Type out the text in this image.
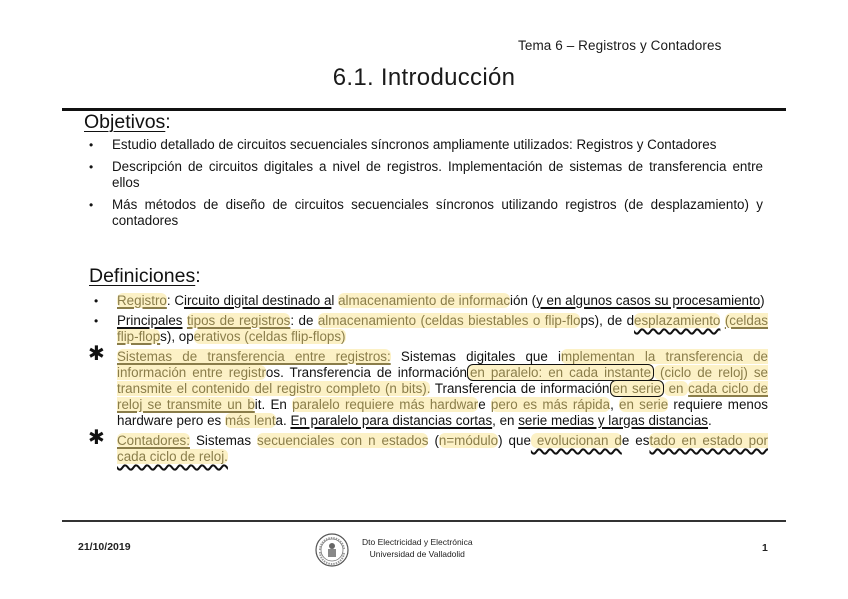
Tema 6 – Registros y Contadores
6.1. Introducción
Objetivos:
• Estudio detallado de circuitos secuenciales síncronos ampliamente utilizados: Registros y Contadores
• Descripción de circuitos digitales a nivel de registros. Implementación de sistemas de transferencia entre ellos
• Más métodos de diseño de circuitos secuenciales síncronos utilizando registros (de desplazamiento) y contadores
Definiciones:
• Registro: Circuito digital destinado al almacenamiento de información (y en algunos casos su procesamiento)
• Principales tipos de registros: de almacenamiento (celdas biestables o flip-flops), de desplazamiento (celdas flip-flops), operativos (celdas flip-flops)
✱ Sistemas de transferencia entre registros: Sistemas digitales que implementan la transferencia de información entre registros. Transferencia de información en paralelo: en cada instante (ciclo de reloj) se transmite el contenido del registro completo (n bits). Transferencia de información en serie en cada ciclo de reloj se transmite un bit. En paralelo requiere más hardware pero es más rápida, en serie requiere menos hardware pero es más lenta. En paralelo para distancias cortas, en serie medias y largas distancias.
✱ Contadores: Sistemas secuenciales con n estados (n=módulo) que evolucionan de estado en estado por cada ciclo de reloj.
21/10/2019	Dto Electricidad y Electrónica
Universidad de Valladolid	1
